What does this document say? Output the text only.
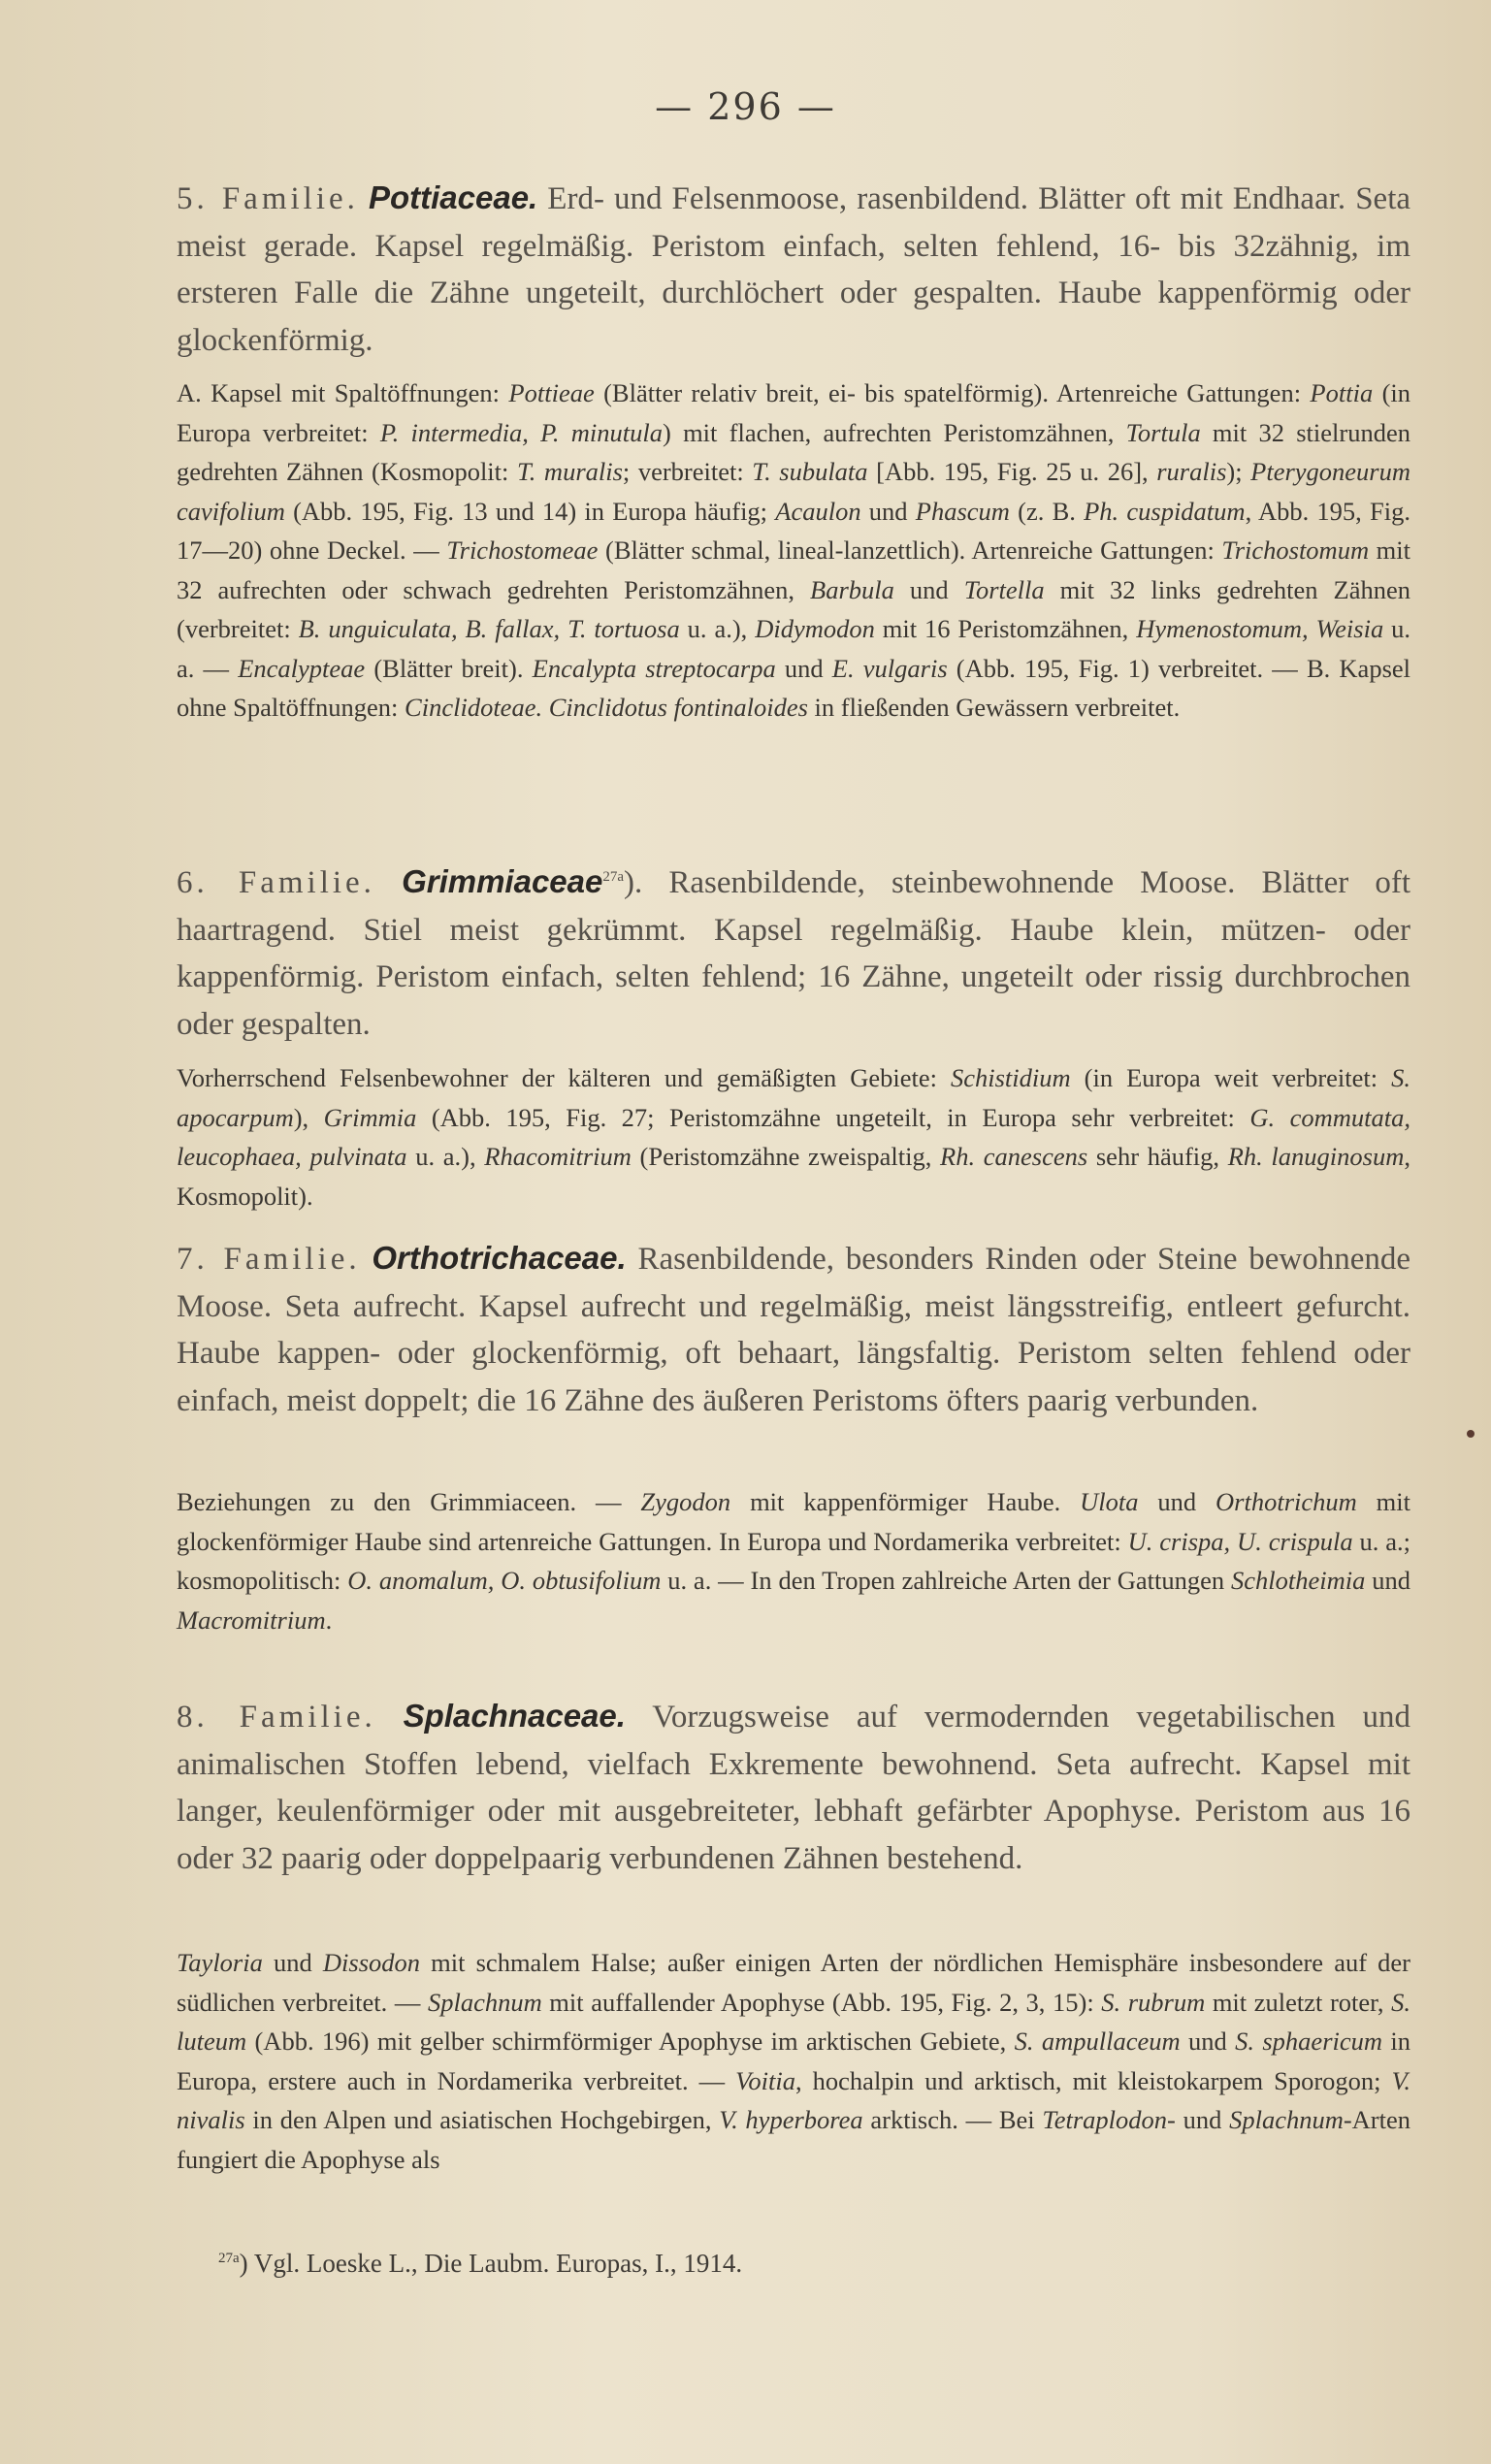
— 296 —

5. Familie. Pottiaceae. Erd- und Felsenmoose, rasenbildend. Blätter oft mit Endhaar. Seta meist gerade. Kapsel regelmäßig. Peristom einfach, selten fehlend, 16- bis 32zähnig, im ersteren Falle die Zähne ungeteilt, durchlöchert oder gespalten. Haube kappenförmig oder glockenförmig.

A. Kapsel mit Spaltöffnungen: Pottieae (Blätter relativ breit, ei- bis spatelförmig). Artenreiche Gattungen: Pottia (in Europa verbreitet: P. intermedia, P. minutula) mit flachen, aufrechten Peristomzähnen, Tortula mit 32 stielrunden gedrehten Zähnen (Kosmopolit: T. muralis; verbreitet: T. subulata [Abb. 195, Fig. 25 u. 26], ruralis); Pterygoneurum cavifolium (Abb. 195, Fig. 13 und 14) in Europa häufig; Acaulon und Phascum (z. B. Ph. cuspidatum, Abb. 195, Fig. 17—20) ohne Deckel. — Trichostomeae (Blätter schmal, lineal-lanzettlich). Artenreiche Gattungen: Trichostomum mit 32 aufrechten oder schwach gedrehten Peristomzähnen, Barbula und Tortella mit 32 links gedrehten Zähnen (verbreitet: B. unguiculata, B. fallax, T. tortuosa u. a.), Didymodon mit 16 Peristomzähnen, Hymenostomum, Weisia u. a. — Encalypteae (Blätter breit). Encalypta streptocarpa und E. vulgaris (Abb. 195, Fig. 1) verbreitet. — B. Kapsel ohne Spaltöffnungen: Cinclidoteae. Cinclidotus fontinaloides in fließenden Gewässern verbreitet.

6. Familie. Grimmiaceae$^{27a}$). Rasenbildende, steinbewohnende Moose. Blätter oft haartragend. Stiel meist gekrümmt. Kapsel regelmäßig. Haube klein, mützen- oder kappenförmig. Peristom einfach, selten fehlend; 16 Zähne, ungeteilt oder rissig durchbrochen oder gespalten.

Vorherrschend Felsenbewohner der kälteren und gemäßigten Gebiete: Schistidium (in Europa weit verbreitet: S. apocarpum), Grimmia (Abb. 195, Fig. 27; Peristomzähne ungeteilt, in Europa sehr verbreitet: G. commutata, leucophaea, pulvinata u. a.), Rhacomitrium (Peristomzähne zweispaltig, Rh. canescens sehr häufig, Rh. lanuginosum, Kosmopolit).

7. Familie. Orthotrichaceae. Rasenbildende, besonders Rinden oder Steine bewohnende Moose. Seta aufrecht. Kapsel aufrecht und regelmäßig, meist längsstreifig, entleert gefurcht. Haube kappen- oder glockenförmig, oft behaart, längsfaltig. Peristom selten fehlend oder einfach, meist doppelt; die 16 Zähne des äußeren Peristoms öfters paarig verbunden.

Beziehungen zu den Grimmiaceen. — Zygodon mit kappenförmiger Haube. Ulota und Orthotrichum mit glockenförmiger Haube sind artenreiche Gattungen. In Europa und Nordamerika verbreitet: U. crispa, U. crispula u. a.; kosmopolitisch: O. anomalum, O. obtusifolium u. a. — In den Tropen zahlreiche Arten der Gattungen Schlotheimia und Macromitrium.

8. Familie. Splachnaceae. Vorzugsweise auf vermodernden vegetabilischen und animalischen Stoffen lebend, vielfach Exkremente bewohnend. Seta aufrecht. Kapsel mit langer, keulenförmiger oder mit ausgebreiteter, lebhaft gefärbter Apophyse. Peristom aus 16 oder 32 paarig oder doppelpaarig verbundenen Zähnen bestehend.

Tayloria und Dissodon mit schmalem Halse; außer einigen Arten der nördlichen Hemisphäre insbesondere auf der südlichen verbreitet. — Splachnum mit auffallender Apophyse (Abb. 195, Fig. 2, 3, 15): S. rubrum mit zuletzt roter, S. luteum (Abb. 196) mit gelber schirmförmiger Apophyse im arktischen Gebiete, S. ampullaceum und S. sphaericum in Europa, erstere auch in Nordamerika verbreitet. — Voitia, hochalpin und arktisch, mit kleistokarpem Sporogon; V. nivalis in den Alpen und asiatischen Hochgebirgen, V. hyperborea arktisch. — Bei Tetraplodon- und Splachnum-Arten fungiert die Apophyse als

$^{27a}$) Vgl. Loeske L., Die Laubm. Europas, I., 1914.
